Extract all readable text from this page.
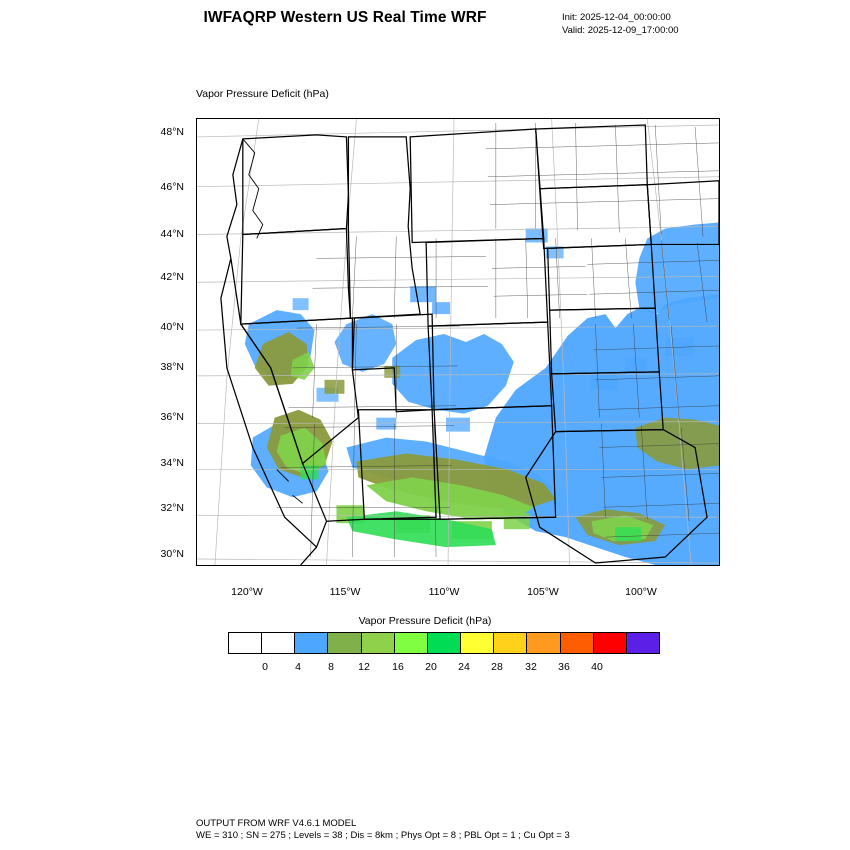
IWFAQRP Western US Real Time WRF	Init: 2025-12-04_00:00:00
Valid: 2025-12-09_17:00:00
Vapor Pressure Deficit (hPa)
48°N
46°N
44°N
42°N
40°N
38°N
36°N
34°N
32°N
30°N
120°W	115°W	110°W	105°W	100°W
Vapor Pressure Deficit (hPa)
0	4	8	12	16	20	24	28	32	36	40
OUTPUT FROM WRF V4.6.1 MODEL
WE = 310 ; SN = 275 ; Levels = 38 ; Dis = 8km ; Phys Opt = 8 ; PBL Opt = 1 ; Cu Opt = 3
